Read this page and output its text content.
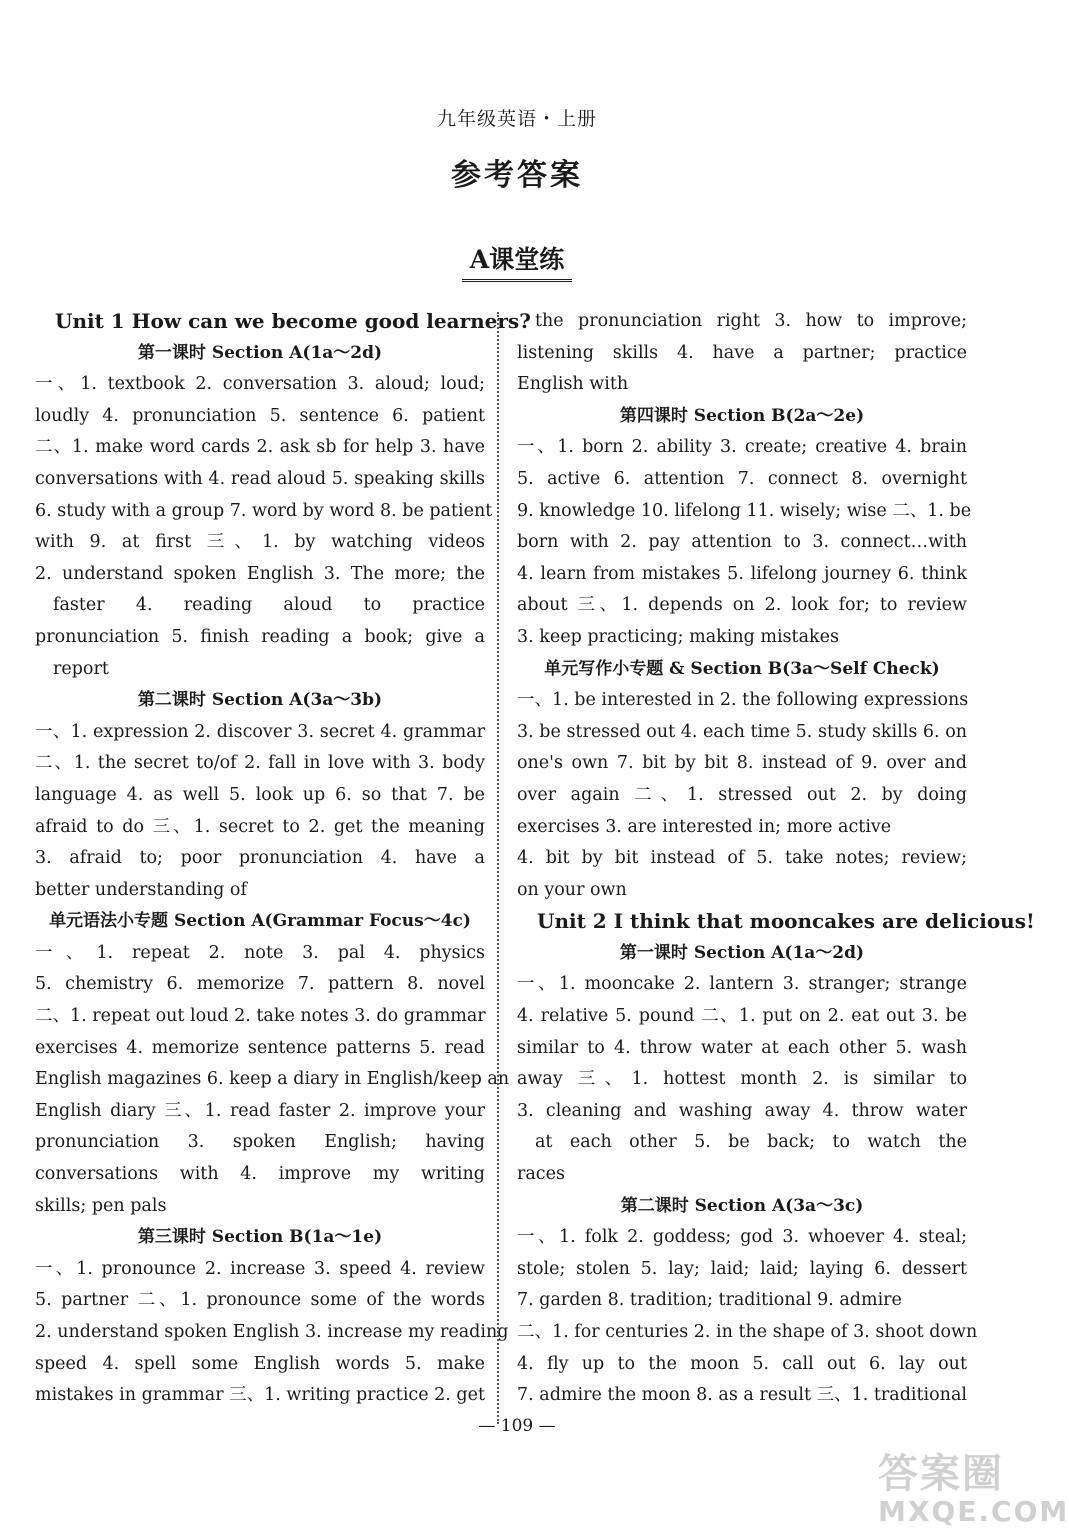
九年级英语・上册
参考答案
A课堂练
Unit 1 How can we become good learners?
第一课时 Section A(1a～2d)
一、1. textbook 2. conversation 3. aloud; loud;
loudly 4. pronunciation 5. sentence 6. patient
二、1. make word cards 2. ask sb for help 3. have
conversations with 4. read aloud 5. speaking skills
6. study with a group 7. word by word 8. be patient
with 9. at first 三、1. by watching videos
2. understand spoken English 3. The more; the
faster 4. reading aloud to practice
pronunciation 5. finish reading a book; give a
report
第二课时 Section A(3a～3b)
一、1. expression 2. discover 3. secret 4. grammar
二、1. the secret to/of 2. fall in love with 3. body
language 4. as well 5. look up 6. so that 7. be
afraid to do 三、1. secret to 2. get the meaning
3. afraid to; poor pronunciation 4. have a
better understanding of
单元语法小专题 Section A(Grammar Focus～4c)
一、1. repeat 2. note 3. pal 4. physics
5. chemistry 6. memorize 7. pattern 8. novel
二、1. repeat out loud 2. take notes 3. do grammar
exercises 4. memorize sentence patterns 5. read
English magazines 6. keep a diary in English/keep an
English diary 三、1. read faster 2. improve your
pronunciation 3. spoken English; having
conversations with 4. improve my writing
skills; pen pals
第三课时 Section B(1a～1e)
一、1. pronounce 2. increase 3. speed 4. review
5. partner 二、1. pronounce some of the words
2. understand spoken English 3. increase my reading
speed 4. spell some English words 5. make
mistakes in grammar 三、1. writing practice 2. get
the pronunciation right 3. how to improve;
listening skills 4. have a partner; practice
English with
第四课时 Section B(2a～2e)
一、1. born 2. ability 3. create; creative 4. brain
5. active 6. attention 7. connect 8. overnight
9. knowledge 10. lifelong 11. wisely; wise 二、1. be
born with 2. pay attention to 3. connect…with
4. learn from mistakes 5. lifelong journey 6. think
about 三、1. depends on 2. look for; to review
3. keep practicing; making mistakes
单元写作小专题 & Section B(3a～Self Check)
一、1. be interested in 2. the following expressions
3. be stressed out 4. each time 5. study skills 6. on
one's own 7. bit by bit 8. instead of 9. over and
over again 二、1. stressed out 2. by doing
exercises 3. are interested in; more active
4. bit by bit instead of 5. take notes; review;
on your own
Unit 2 I think that mooncakes are delicious!
第一课时 Section A(1a～2d)
一、1. mooncake 2. lantern 3. stranger; strange
4. relative 5. pound 二、1. put on 2. eat out 3. be
similar to 4. throw water at each other 5. wash
away 三、1. hottest month 2. is similar to
3. cleaning and washing away 4. throw water
at each other 5. be back; to watch the
races
第二课时 Section A(3a～3c)
一、1. folk 2. goddess; god 3. whoever 4. steal;
stole; stolen 5. lay; laid; laid; laying 6. dessert
7. garden 8. tradition; traditional 9. admire
二、1. for centuries 2. in the shape of 3. shoot down
4. fly up to the moon 5. call out 6. lay out
7. admire the moon 8. as a result 三、1. traditional
— 109 —
答案圈
MXQE.COM
